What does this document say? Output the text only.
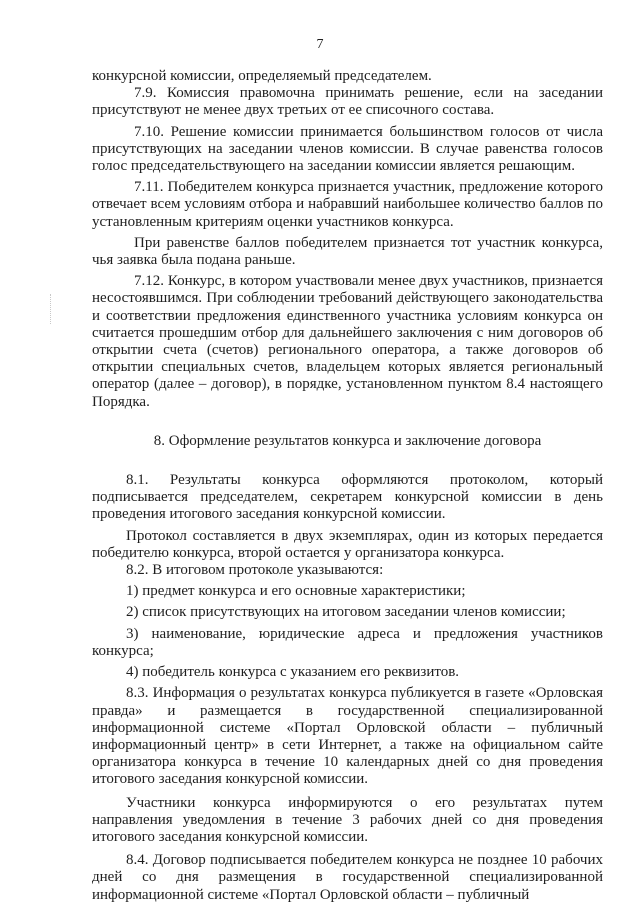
7

конкурсной комиссии, определяемый председателем.

7.9. Комиссия правомочна принимать решение, если на заседании присутствуют не менее двух третьих от ее списочного состава.

7.10. Решение комиссии принимается большинством голосов от числа присутствующих на заседании членов комиссии. В случае равенства голосов голос председательствующего на заседании комиссии является решающим.

7.11. Победителем конкурса признается участник, предложение которого отвечает всем условиям отбора и набравший наибольшее количество баллов по установленным критериям оценки участников конкурса.

При равенстве баллов победителем признается тот участник конкурса, чья заявка была подана раньше.

7.12. Конкурс, в котором участвовали менее двух участников, признается несостоявшимся. При соблюдении требований действующего законодательства и соответствии предложения единственного участника условиям конкурса он считается прошедшим отбор для дальнейшего заключения с ним договоров об открытии счета (счетов) регионального оператора, а также договоров об открытии специальных счетов, владельцем которых является региональный оператор (далее – договор), в порядке, установленном пунктом 8.4 настоящего Порядка.

8. Оформление результатов конкурса и заключение договора

8.1. Результаты конкурса оформляются протоколом, который подписывается председателем, секретарем конкурсной комиссии в день проведения итогового заседания конкурсной комиссии.

Протокол составляется в двух экземплярах, один из которых передается победителю конкурса, второй остается у организатора конкурса.

8.2. В итоговом протоколе указываются:

1) предмет конкурса и его основные характеристики;

2) список присутствующих на итоговом заседании членов комиссии;

3) наименование, юридические адреса и предложения участников конкурса;

4) победитель конкурса с указанием его реквизитов.

8.3. Информация о результатах конкурса публикуется в газете «Орловская правда» и размещается в государственной специализированной информационной системе «Портал Орловской области – публичный информационный центр» в сети Интернет, а также на официальном сайте организатора конкурса в течение 10 календарных дней со дня проведения итогового заседания конкурсной комиссии.

Участники конкурса информируются о его результатах путем направления уведомления в течение 3 рабочих дней со дня проведения итогового заседания конкурсной комиссии.

8.4. Договор подписывается победителем конкурса не позднее 10 рабочих дней со дня размещения в государственной специализированной информационной системе «Портал Орловской области – публичный
